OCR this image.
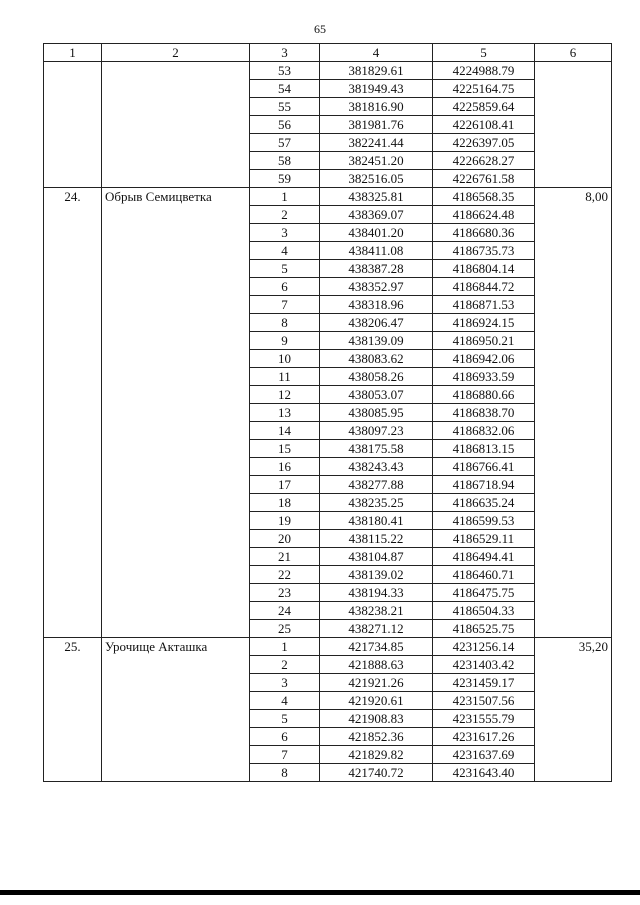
65
1	2	3	4	5	6
		53	381829.61	4224988.79	
		54	381949.43	4225164.75	
		55	381816.90	4225859.64	
		56	381981.76	4226108.41	
		57	382241.44	4226397.05	
		58	382451.20	4226628.27	
		59	382516.05	4226761.58	
24.	Обрыв Семицветка	1	438325.81	4186568.35	8,00
		2	438369.07	4186624.48	
		3	438401.20	4186680.36	
		4	438411.08	4186735.73	
		5	438387.28	4186804.14	
		6	438352.97	4186844.72	
		7	438318.96	4186871.53	
		8	438206.47	4186924.15	
		9	438139.09	4186950.21	
		10	438083.62	4186942.06	
		11	438058.26	4186933.59	
		12	438053.07	4186880.66	
		13	438085.95	4186838.70	
		14	438097.23	4186832.06	
		15	438175.58	4186813.15	
		16	438243.43	4186766.41	
		17	438277.88	4186718.94	
		18	438235.25	4186635.24	
		19	438180.41	4186599.53	
		20	438115.22	4186529.11	
		21	438104.87	4186494.41	
		22	438139.02	4186460.71	
		23	438194.33	4186475.75	
		24	438238.21	4186504.33	
		25	438271.12	4186525.75	
25.	Урочище Акташка	1	421734.85	4231256.14	35,20
		2	421888.63	4231403.42	
		3	421921.26	4231459.17	
		4	421920.61	4231507.56	
		5	421908.83	4231555.79	
		6	421852.36	4231617.26	
		7	421829.82	4231637.69	
		8	421740.72	4231643.40	
